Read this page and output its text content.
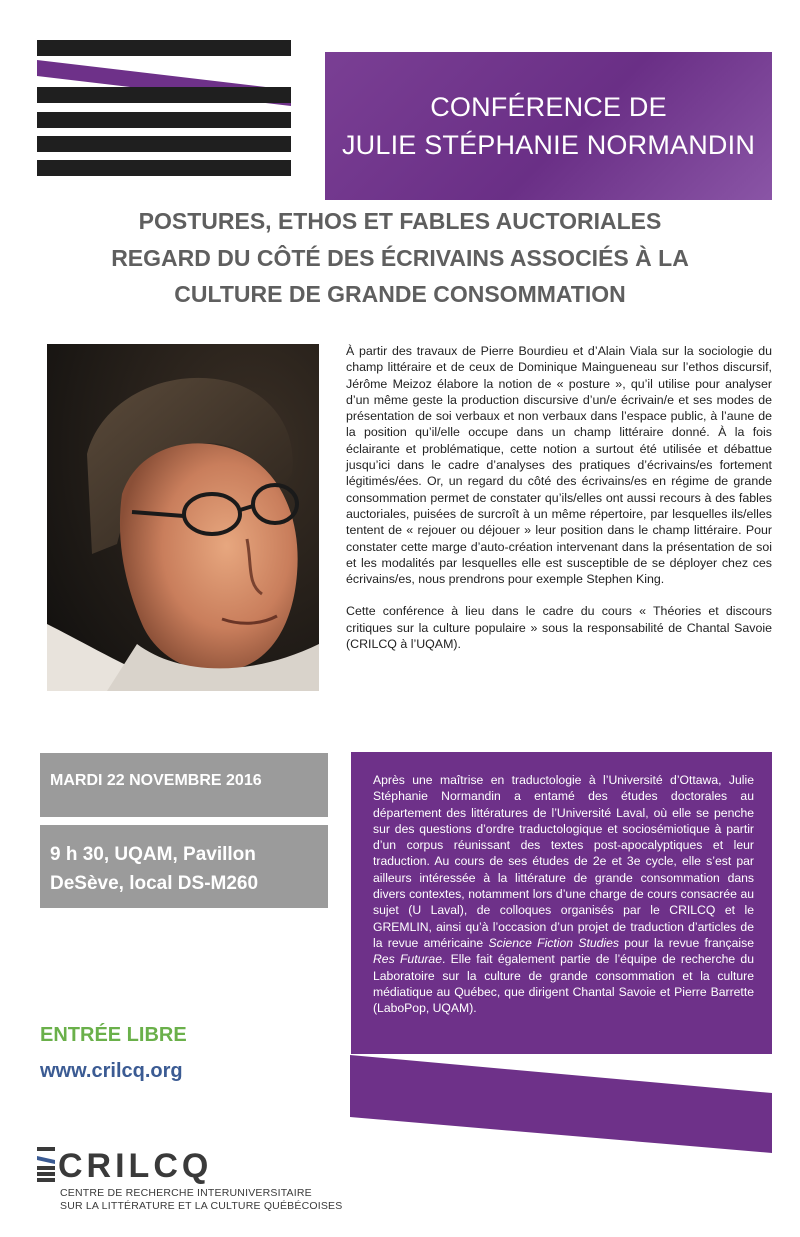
CONFÉRENCE DE
JULIE STÉPHANIE NORMANDIN
POSTURES, ETHOS ET FABLES AUCTORIALES
REGARD DU CÔTÉ DES ÉCRIVAINS ASSOCIÉS À LA
CULTURE DE GRANDE CONSOMMATION

À partir des travaux de Pierre Bourdieu et d’Alain Viala sur la sociologie du champ littéraire et de ceux de Dominique Maingueneau sur l’ethos discursif, Jérôme Meizoz élabore la notion de « posture », qu’il utilise pour analyser d’un même geste la production discursive d’un/e écrivain/e et ses modes de présentation de soi verbaux et non verbaux dans l’espace public, à l’aune de la position qu’il/elle occupe dans un champ littéraire donné. À la fois éclairante et problématique, cette notion a surtout été utilisée et débattue jusqu’ici dans le cadre d’analyses des pratiques d’écrivains/es fortement légitimés/ées. Or, un regard du côté des écrivains/es en régime de grande consommation permet de constater qu’ils/elles ont aussi recours à des fables auctoriales, puisées de surcroît à un même répertoire, par lesquelles ils/elles tentent de « rejouer ou déjouer » leur position dans le champ littéraire. Pour constater cette marge d’auto-création intervenant dans la présentation de soi et les modalités par lesquelles elle est susceptible de se déployer chez ces écrivains/es, nous prendrons pour exemple Stephen King.

Cette conférence à lieu dans le cadre du cours « Théories et discours critiques sur la culture populaire » sous la responsabilité de Chantal Savoie (CRILCQ à l’UQAM).

MARDI 22 NOVEMBRE 2016
9 h 30, UQAM, Pavillon
DeSève, local DS-M260

Après une maîtrise en traductologie à l’Université d’Ottawa, Julie Stéphanie Normandin a entamé des études doctorales au département des littératures de l’Université Laval, où elle se penche sur des questions d’ordre traductologique et sociosémiotique à partir d’un corpus réunissant des textes post-apocalyptiques et leur traduction. Au cours de ses études de 2e et 3e cycle, elle s’est par ailleurs intéressée à la littérature de grande consommation dans divers contextes, notamment lors d’une charge de cours consacrée au sujet (U Laval), de colloques organisés par le CRILCQ et le GREMLIN, ainsi qu’à l’occasion d’un projet de traduction d’articles de la revue américaine Science Fiction Studies pour la revue française Res Futurae. Elle fait également partie de l’équipe de recherche du Laboratoire sur la culture de grande consommation et la culture médiatique au Québec, que dirigent Chantal Savoie et Pierre Barrette (LaboPop, UQAM).

ENTRÉE LIBRE
www.crilcq.org
CRILCQ
CENTRE DE RECHERCHE INTERUNIVERSITAIRE
SUR LA LITTÉRATURE ET LA CULTURE QUÉBÉCOISES
